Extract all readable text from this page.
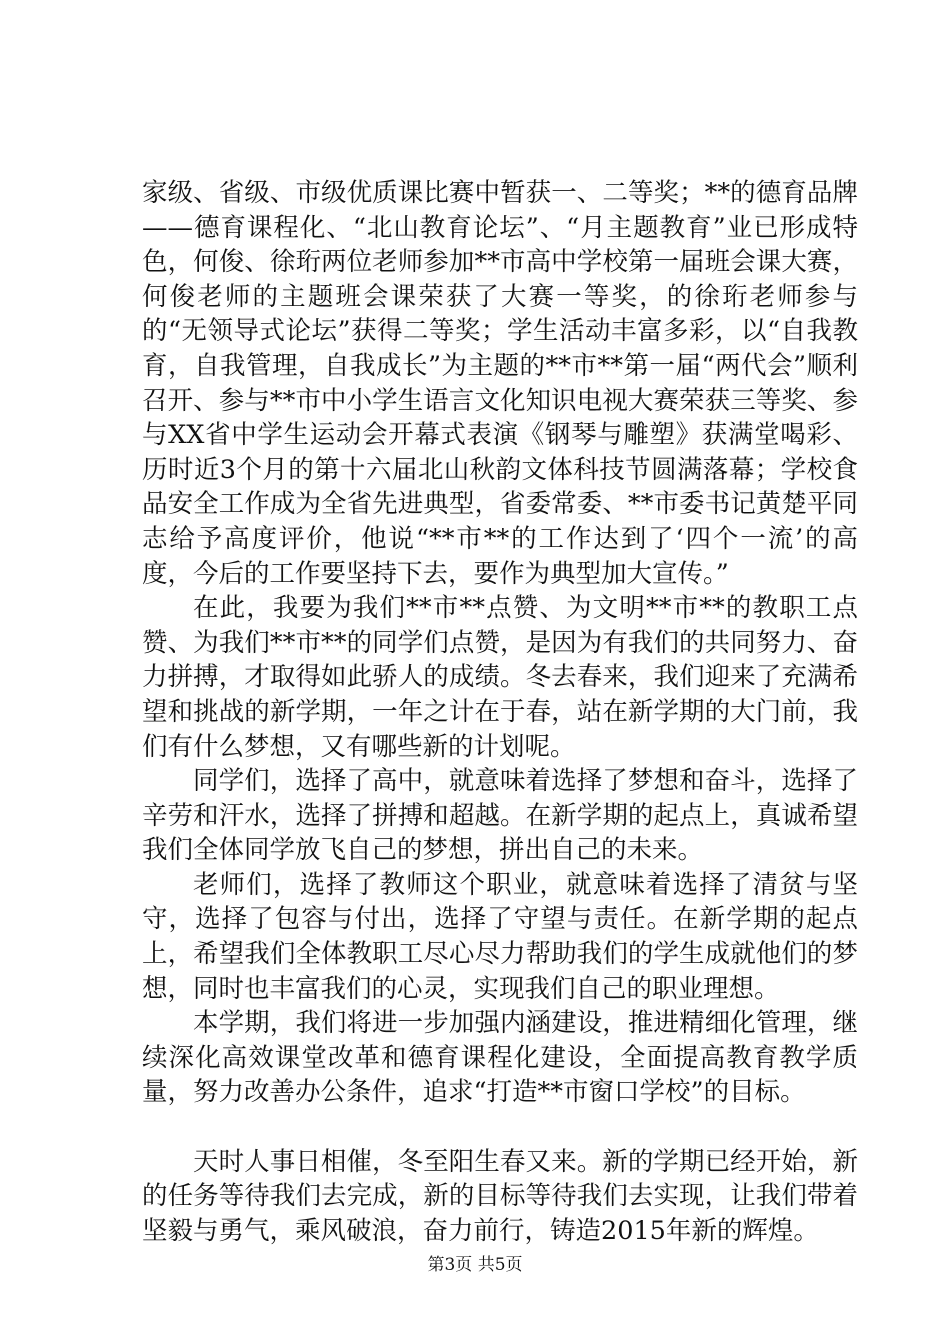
家级、省级、市级优质课比赛中暂获一、二等奖；**的德育品牌——德育课程化、“北山教育论坛”、“月主题教育”业已形成特色，何俊、徐珩两位老师参加**市高中学校第一届班会课大赛，何俊老师的主题班会课荣获了大赛一等奖，的徐珩老师参与的“无领导式论坛”获得二等奖；学生活动丰富多彩，以“自我教育，自我管理，自我成长”为主题的**市**第一届“两代会”顺利召开、参与**市中小学生语言文化知识电视大赛荣获三等奖、参与XX省中学生运动会开幕式表演《钢琴与雕塑》获满堂喝彩、历时近3个月的第十六届北山秋韵文体科技节圆满落幕；学校食品安全工作成为全省先进典型，省委常委、**市委书记黄楚平同志给予高度评价，他说“**市**的工作达到了‘四个一流’的高度，今后的工作要坚持下去，要作为典型加大宣传。”

在此，我要为我们**市**点赞、为文明**市**的教职工点赞、为我们**市**的同学们点赞，是因为有我们的共同努力、奋力拼搏，才取得如此骄人的成绩。冬去春来，我们迎来了充满希望和挑战的新学期，一年之计在于春，站在新学期的大门前，我们有什么梦想，又有哪些新的计划呢。

同学们，选择了高中，就意味着选择了梦想和奋斗，选择了辛劳和汗水，选择了拼搏和超越。在新学期的起点上，真诚希望我们全体同学放飞自己的梦想，拼出自己的未来。

老师们，选择了教师这个职业，就意味着选择了清贫与坚守，选择了包容与付出，选择了守望与责任。在新学期的起点上，希望我们全体教职工尽心尽力帮助我们的学生成就他们的梦想，同时也丰富我们的心灵，实现我们自己的职业理想。

本学期，我们将进一步加强内涵建设，推进精细化管理，继续深化高效课堂改革和德育课程化建设，全面提高教育教学质量，努力改善办公条件，追求“打造**市窗口学校”的目标。

天时人事日相催，冬至阳生春又来。新的学期已经开始，新的任务等待我们去完成，新的目标等待我们去实现，让我们带着坚毅与勇气，乘风破浪，奋力前行，铸造2015年新的辉煌。

第3页 共5页
